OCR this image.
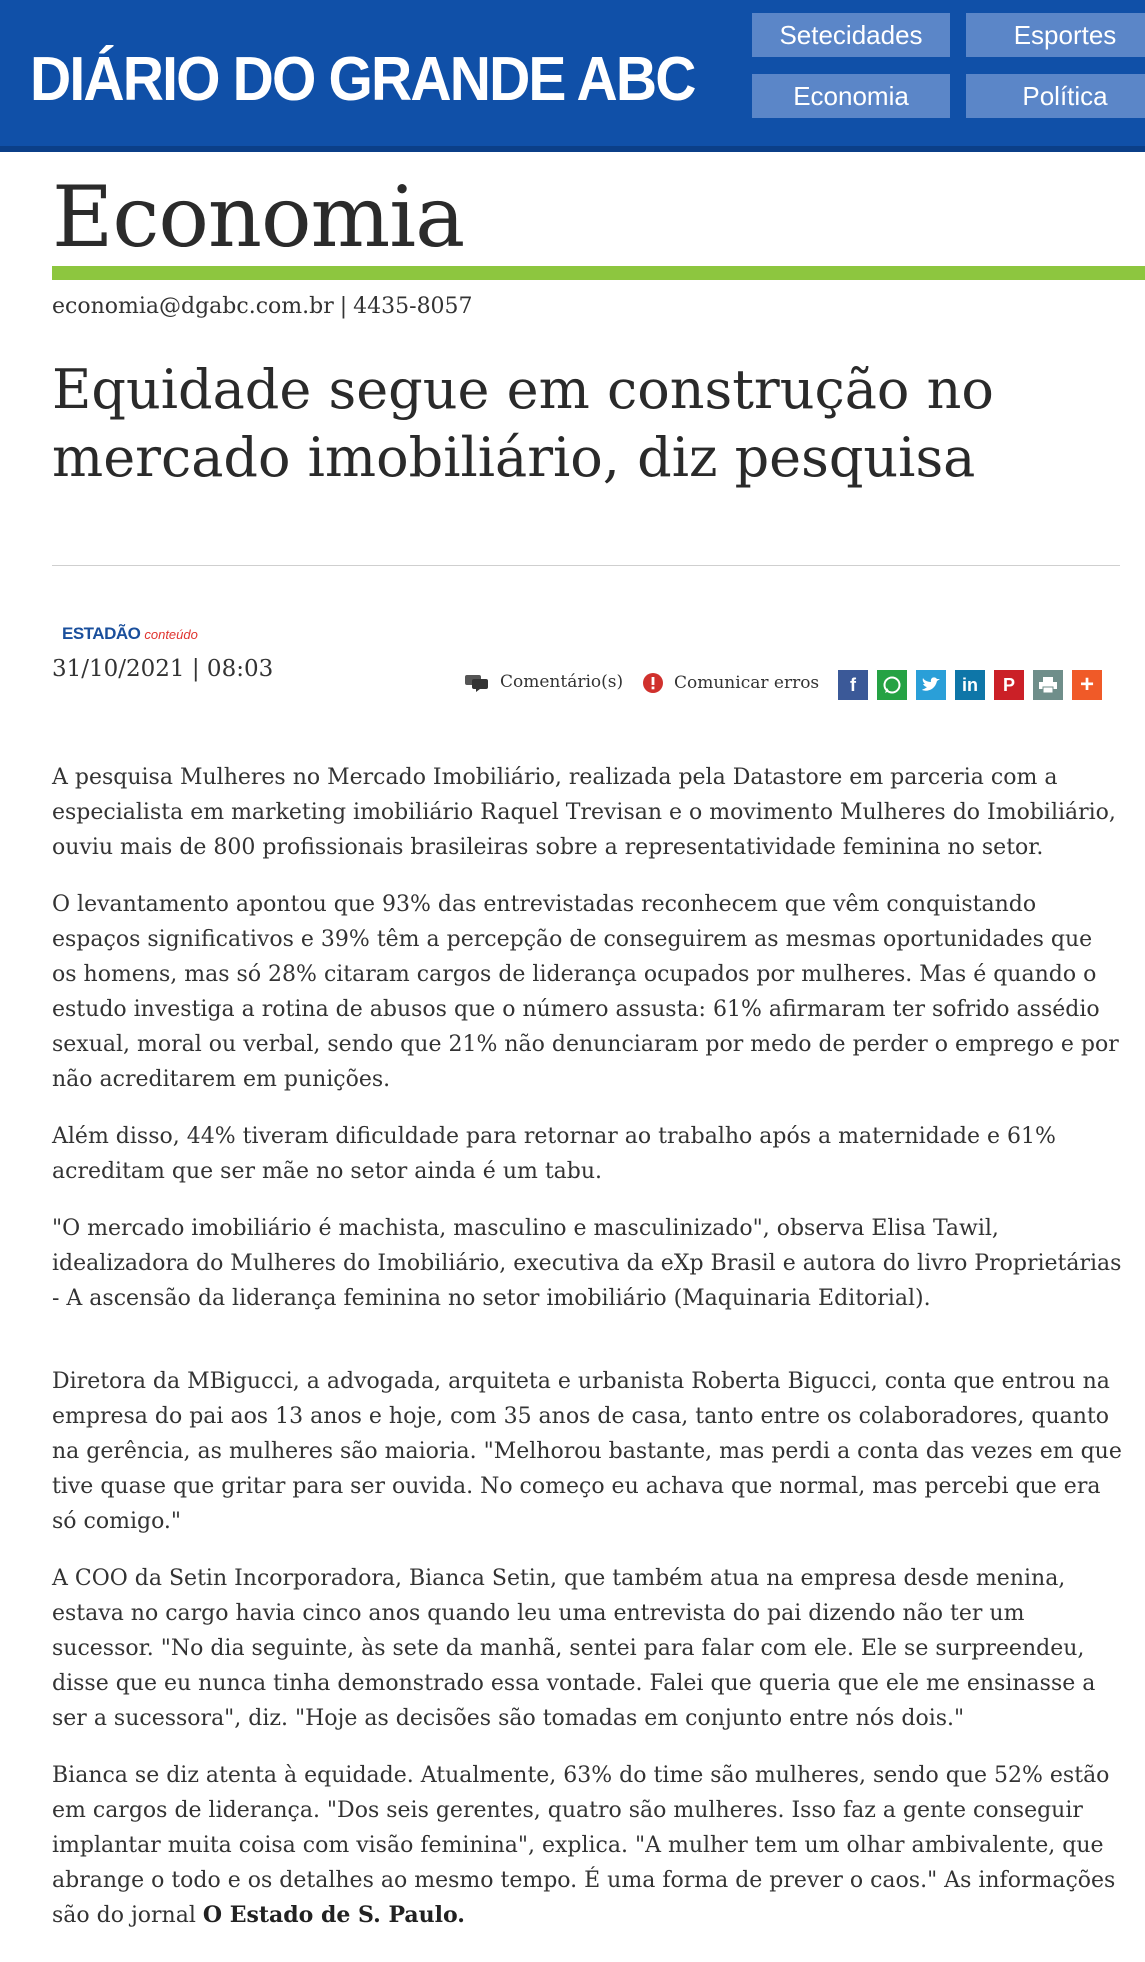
DIÁRIO DO GRANDE ABC
Setecidades	Esportes
Economia	Política
Economia
economia@dgabc.com.br | 4435-8057
Equidade segue em construção no mercado imobiliário, diz pesquisa
ESTADÃO conteúdo
31/10/2021 | 08:03	Comentário(s)	Comunicar erros	f	in	P	+

A pesquisa Mulheres no Mercado Imobiliário, realizada pela Datastore em parceria com a especialista em marketing imobiliário Raquel Trevisan e o movimento Mulheres do Imobiliário, ouviu mais de 800 profissionais brasileiras sobre a representatividade feminina no setor.

O levantamento apontou que 93% das entrevistadas reconhecem que vêm conquistando espaços significativos e 39% têm a percepção de conseguirem as mesmas oportunidades que os homens, mas só 28% citaram cargos de liderança ocupados por mulheres. Mas é quando o estudo investiga a rotina de abusos que o número assusta: 61% afirmaram ter sofrido assédio sexual, moral ou verbal, sendo que 21% não denunciaram por medo de perder o emprego e por não acreditarem em punições.

Além disso, 44% tiveram dificuldade para retornar ao trabalho após a maternidade e 61% acreditam que ser mãe no setor ainda é um tabu.

"O mercado imobiliário é machista, masculino e masculinizado", observa Elisa Tawil, idealizadora do Mulheres do Imobiliário, executiva da eXp Brasil e autora do livro Proprietárias - A ascensão da liderança feminina no setor imobiliário (Maquinaria Editorial).

Diretora da MBigucci, a advogada, arquiteta e urbanista Roberta Bigucci, conta que entrou na empresa do pai aos 13 anos e hoje, com 35 anos de casa, tanto entre os colaboradores, quanto na gerência, as mulheres são maioria. "Melhorou bastante, mas perdi a conta das vezes em que tive quase que gritar para ser ouvida. No começo eu achava que normal, mas percebi que era só comigo."

A COO da Setin Incorporadora, Bianca Setin, que também atua na empresa desde menina, estava no cargo havia cinco anos quando leu uma entrevista do pai dizendo não ter um sucessor. "No dia seguinte, às sete da manhã, sentei para falar com ele. Ele se surpreendeu, disse que eu nunca tinha demonstrado essa vontade. Falei que queria que ele me ensinasse a ser a sucessora", diz. "Hoje as decisões são tomadas em conjunto entre nós dois."

Bianca se diz atenta à equidade. Atualmente, 63% do time são mulheres, sendo que 52% estão em cargos de liderança. "Dos seis gerentes, quatro são mulheres. Isso faz a gente conseguir implantar muita coisa com visão feminina", explica. "A mulher tem um olhar ambivalente, que abrange o todo e os detalhes ao mesmo tempo. É uma forma de prever o caos." As informações são do jornal O Estado de S. Paulo.
